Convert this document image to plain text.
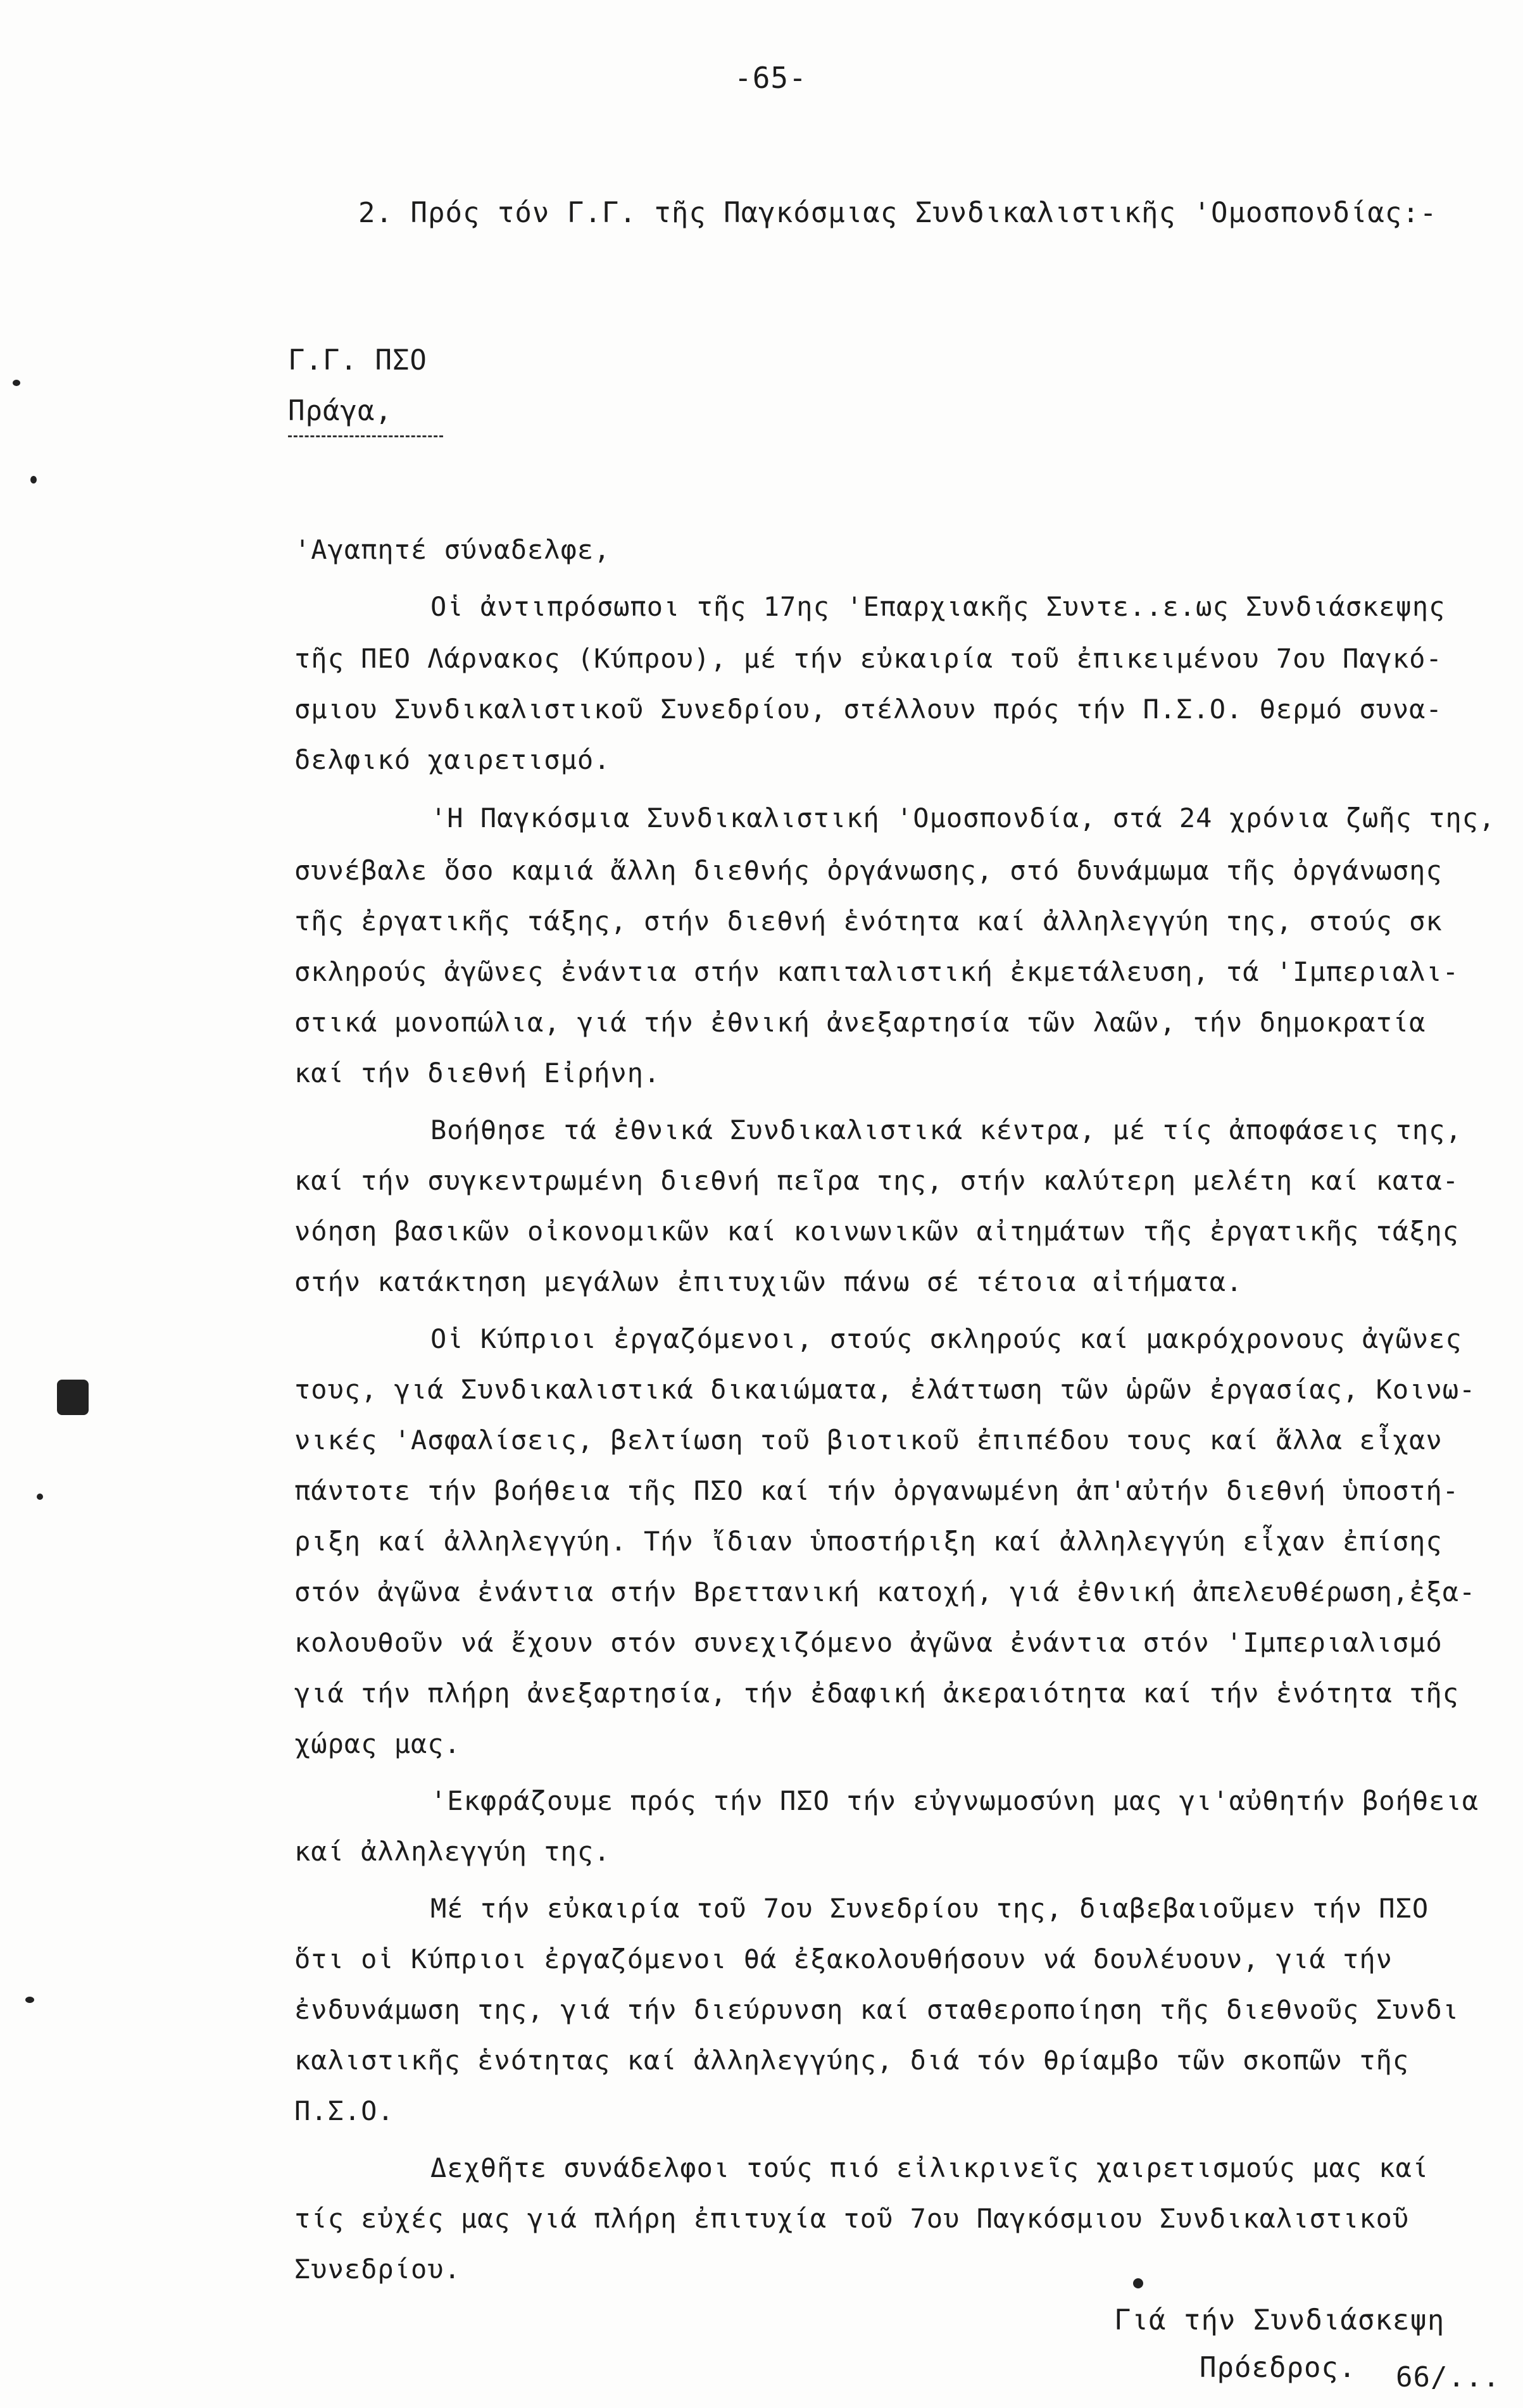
-65-
2. Πρός τόν Γ.Γ. τῆς Παγκόσμιας Συνδικαλιστικῆς 'Ομοσπονδίας:-
Γ.Γ. ΠΣΟ
Πράγα,
'Αγαπητέ σύναδελφε,
Οἱ ἀντιπρόσωποι τῆς 17ης 'Επαρχιακῆς Συντε..ε.ως Συνδιάσκεψης
τῆς ΠΕΟ Λάρνακος (Κύπρου), μέ τήν εὐκαιρία τοῦ ἐπικειμένου 7ου Παγκό-
σμιου Συνδικαλιστικοῦ Συνεδρίου, στέλλουν πρός τήν Π.Σ.Ο. θερμό συνα-
δελφικό χαιρετισμό.
'Η Παγκόσμια Συνδικαλιστική 'Ομοσπονδία, στά 24 χρόνια ζωῆς της,
συνέβαλε ὅσο καμιά ἄλλη διεθνής ὀργάνωσης, στό δυνάμωμα τῆς ὀργάνωσης
τῆς ἐργατικῆς τάξης, στήν διεθνή ἑνότητα καί ἀλληλεγγύη της, στούς σκ
σκληρούς ἀγῶνες ἐνάντια στήν καπιταλιστική ἐκμετάλευση, τά 'Ιμπεριαλι-
στικά μονοπώλια, γιά τήν ἐθνική ἀνεξαρτησία τῶν λαῶν, τήν δημοκρατία
καί τήν διεθνή Εἰρήνη.
Βοήθησε τά ἐθνικά Συνδικαλιστικά κέντρα, μέ τίς ἀποφάσεις της,
καί τήν συγκεντρωμένη διεθνή πεῖρα της, στήν καλύτερη μελέτη καί κατα-
νόηση βασικῶν οἰκονομικῶν καί κοινωνικῶν αἰτημάτων τῆς ἐργατικῆς τάξης
στήν κατάκτηση μεγάλων ἐπιτυχιῶν πάνω σέ τέτοια αἰτήματα.
Οἱ Κύπριοι ἐργαζόμενοι, στούς σκληρούς καί μακρόχρονους ἀγῶνες
τους, γιά Συνδικαλιστικά δικαιώματα, ἐλάττωση τῶν ὡρῶν ἐργασίας, Κοινω-
νικές 'Ασφαλίσεις, βελτίωση τοῦ βιοτικοῦ ἐπιπέδου τους καί ἄλλα εἶχαν
πάντοτε τήν βοήθεια τῆς ΠΣΟ καί τήν ὀργανωμένη ἀπ'αὐτήν διεθνή ὑποστή-
ριξη καί ἀλληλεγγύη. Τήν ἴδιαν ὑποστήριξη καί ἀλληλεγγύη εἶχαν ἐπίσης
στόν ἀγῶνα ἐνάντια στήν Βρεττανική κατοχή, γιά ἐθνική ἀπελευθέρωση,ἐξα-
κολουθοῦν νά ἔχουν στόν συνεχιζόμενο ἀγῶνα ἐνάντια στόν 'Ιμπεριαλισμό
γιά τήν πλήρη ἀνεξαρτησία, τήν ἐδαφική ἀκεραιότητα καί τήν ἑνότητα τῆς
χώρας μας.
'Εκφράζουμε πρός τήν ΠΣΟ τήν εὐγνωμοσύνη μας γι'αὐθητήν βοήθεια
καί ἀλληλεγγύη της.
Μέ τήν εὐκαιρία τοῦ 7ου Συνεδρίου της, διαβεβαιοῦμεν τήν ΠΣΟ
ὅτι οἱ Κύπριοι ἐργαζόμενοι θά ἐξακολουθήσουν νά δουλέυουν, γιά τήν
ἐνδυνάμωση της, γιά τήν διεύρυνση καί σταθεροποίηση τῆς διεθνοῦς Συνδι
καλιστικῆς ἑνότητας καί ἀλληλεγγύης, διά τόν θρίαμβο τῶν σκοπῶν τῆς
Π.Σ.Ο.
Δεχθῆτε συνάδελφοι τούς πιό εἰλικρινεῖς χαιρετισμούς μας καί
τίς εὐχές μας γιά πλήρη ἐπιτυχία τοῦ 7ου Παγκόσμιου Συνδικαλιστικοῦ
Συνεδρίου.
Γιά τήν Συνδιάσκεψη
Πρόεδρος. 66/...
